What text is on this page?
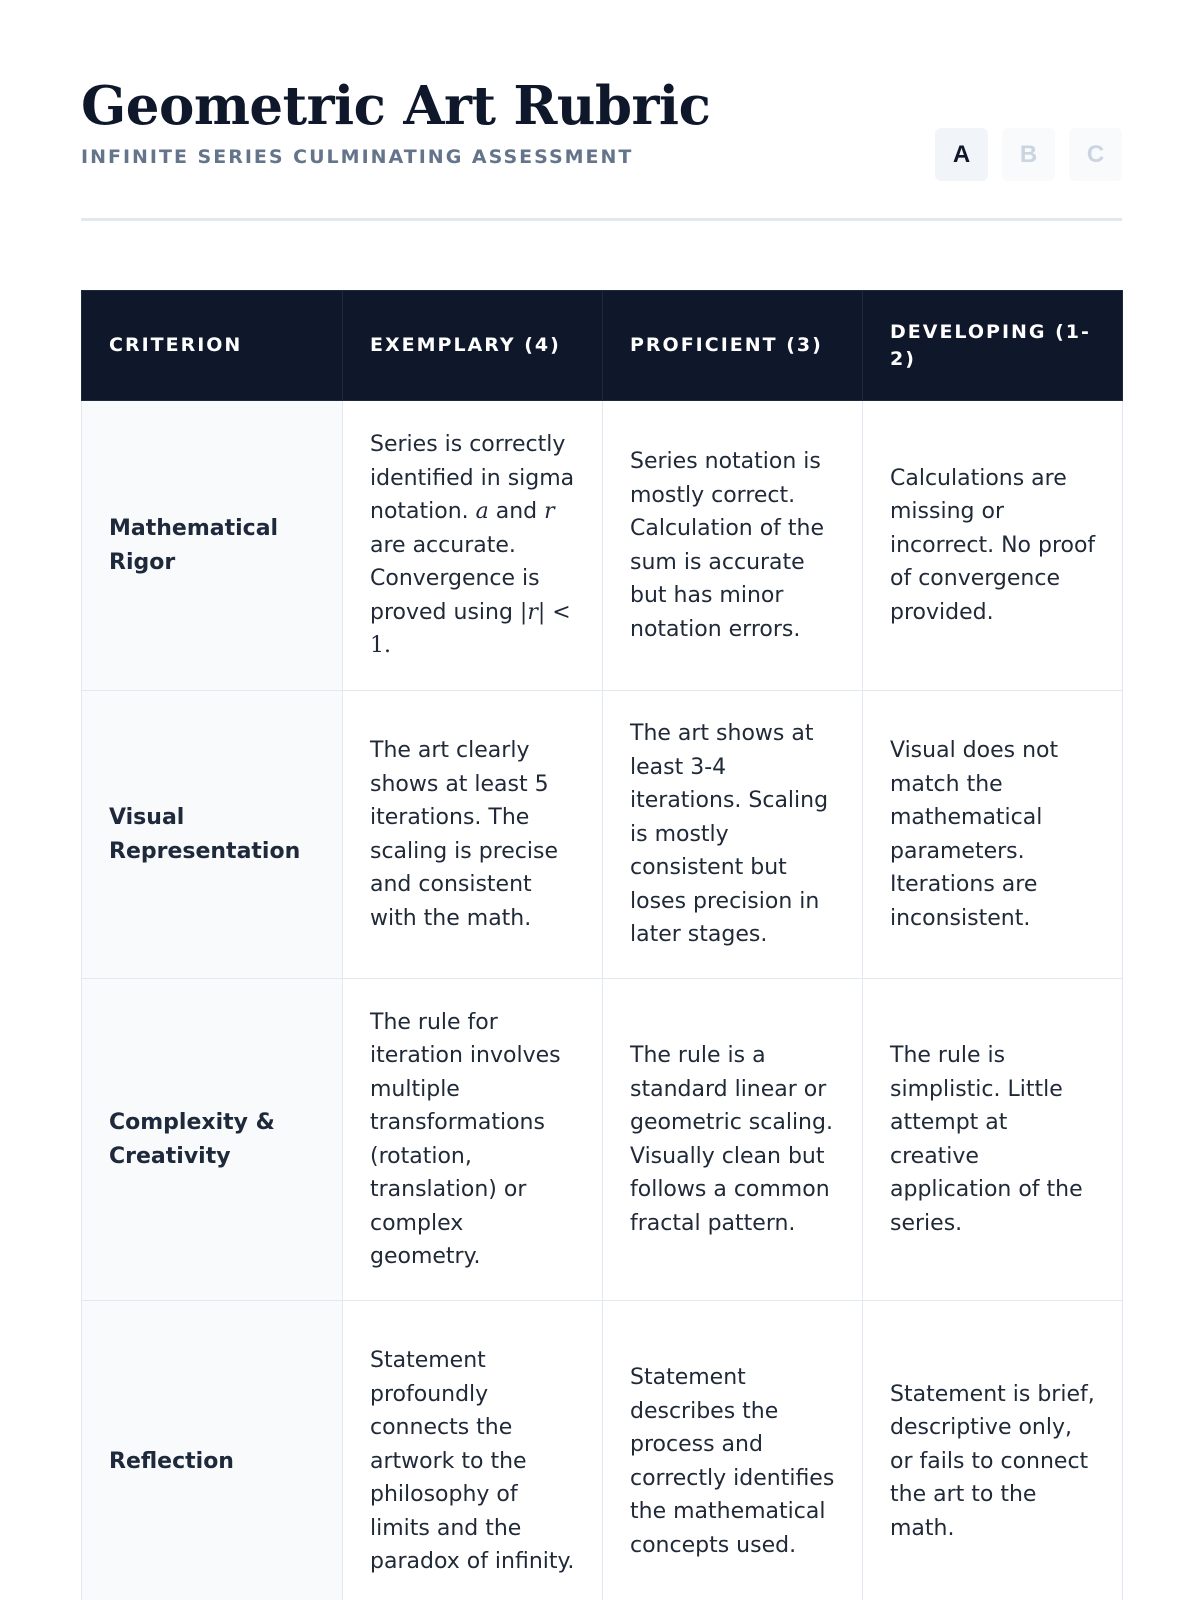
Geometric Art Rubric
INFINITE SERIES CULMINATING ASSESSMENT	A	B	C
CRITERION	EXEMPLARY (4)	PROFICIENT (3)	DEVELOPING (1-2)
Mathematical Rigor	Series is correctly identified in sigma notation. a and r are accurate. Convergence is proved using |r| < 1.	Series notation is mostly correct. Calculation of the sum is accurate but has minor notation errors.	Calculations are missing or incorrect. No proof of convergence provided.
Visual Representation	The art clearly shows at least 5 iterations. The scaling is precise and consistent with the math.	The art shows at least 3-4 iterations. Scaling is mostly consistent but loses precision in later stages.	Visual does not match the mathematical parameters. Iterations are inconsistent.
Complexity & Creativity	The rule for iteration involves multiple transformations (rotation, translation) or complex geometry.	The rule is a standard linear or geometric scaling. Visually clean but follows a common fractal pattern.	The rule is simplistic. Little attempt at creative application of the series.
Reflection	Statement profoundly connects the artwork to the philosophy of limits and the paradox of infinity.	Statement describes the process and correctly identifies the mathematical concepts used.	Statement is brief, descriptive only, or fails to connect the art to the math.
